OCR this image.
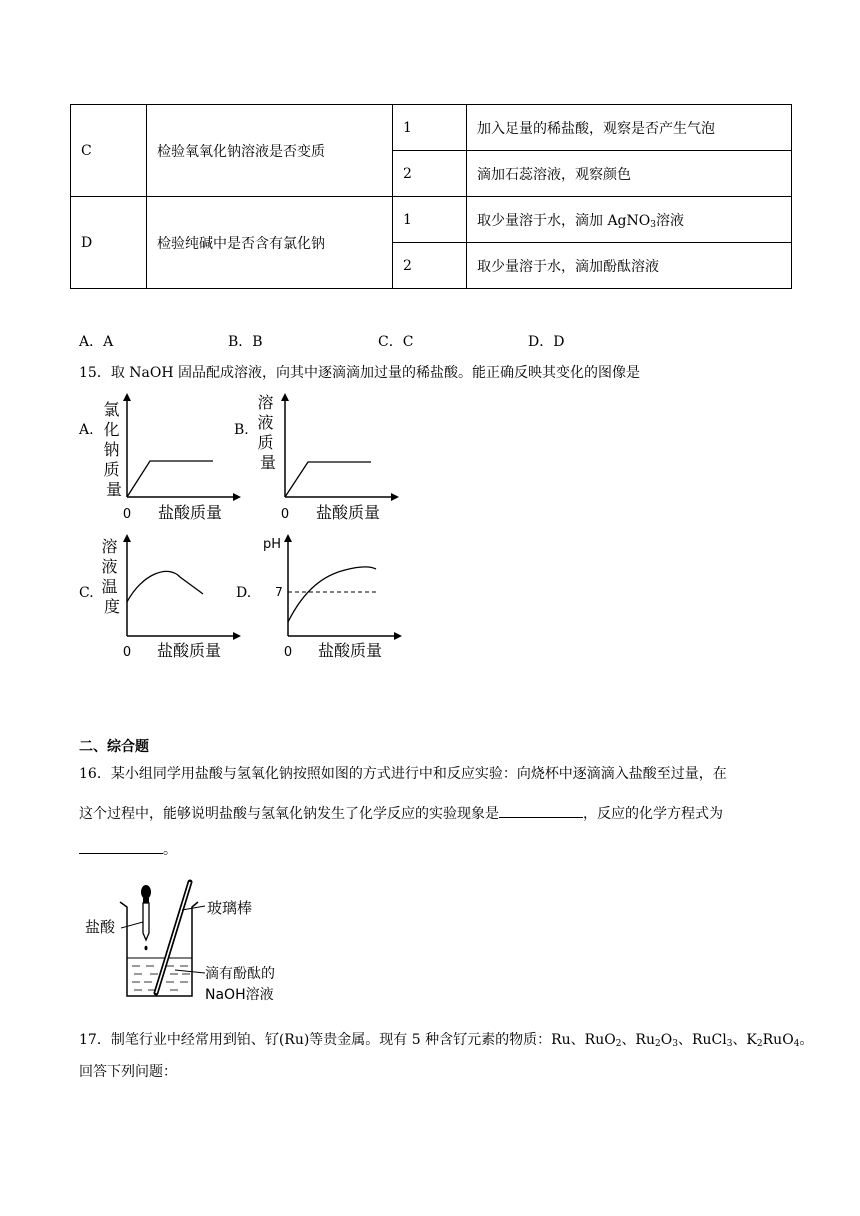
C	检验氧氧化钠溶液是否变质	1	加入足量的稀盐酸，观察是否产生气泡
		2	滴加石蕊溶液，观察颜色
D	检验纯碱中是否含有氯化钠	1	取少量溶于水，滴加 AgNO$_3$溶液
		2	取少量溶于水，滴加酚酞溶液
A．A	B．B	C．C	D．D
15．取 NaOH 固品配成溶液，向其中逐滴滴加过量的稀盐酸。能正确反映其变化的图像是
A.	B.
C.	D.
氯 化 钠 质 量
0 盐酸质量
溶 液 质 量
0 盐酸质量
溶 液 温 度
0 盐酸质量
pH
7
0 盐酸质量
二、综合题
16．某小组同学用盐酸与氢氧化钠按照如图的方式进行中和反应实验：向烧杯中逐滴滴入盐酸至过量，在
这个过程中，能够说明盐酸与氢氧化钠发生了化学反应的实验现象是	，反应的化学方程式为
。
盐酸
玻璃棒
滴有酚酞的
NaOH溶液
17．制笔行业中经常用到铂、钌(Ru)等贵金属。现有 5 种含钌元素的物质：Ru、RuO$_2$、$Ru_2O_3$、RuCl$_3$、$K_2RuO_4$。
回答下列问题：
